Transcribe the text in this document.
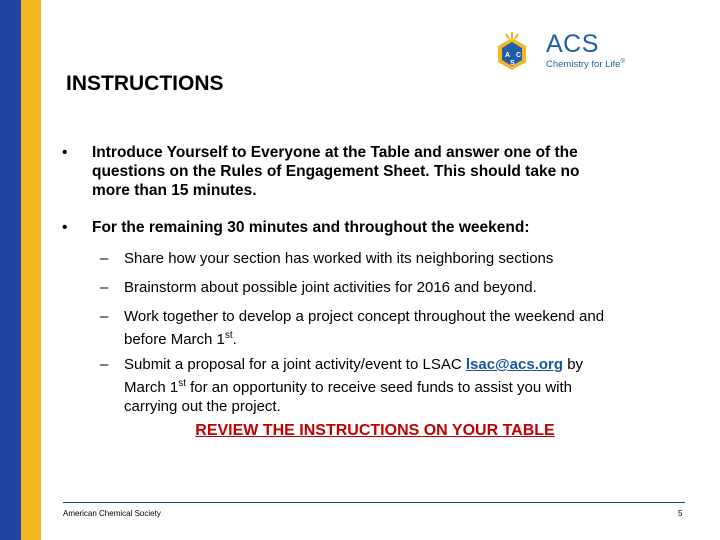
A C
S
ACS
Chemistry for Life®
INSTRUCTIONS
• Introduce Yourself to Everyone at the Table and answer one of the
questions on the Rules of Engagement Sheet. This should take no
more than 15 minutes.
• For the remaining 30 minutes and throughout the weekend:
– Share how your section has worked with its neighboring sections
– Brainstorm about possible joint activities for 2016 and beyond.
– Work together to develop a project concept throughout the weekend and
before March 1st.
– Submit a proposal for a joint activity/event to LSAC lsac@acs.org by
March 1st for an opportunity to receive seed funds to assist you with
carrying out the project.
REVIEW THE INSTRUCTIONS ON YOUR TABLE
American Chemical Society	5
